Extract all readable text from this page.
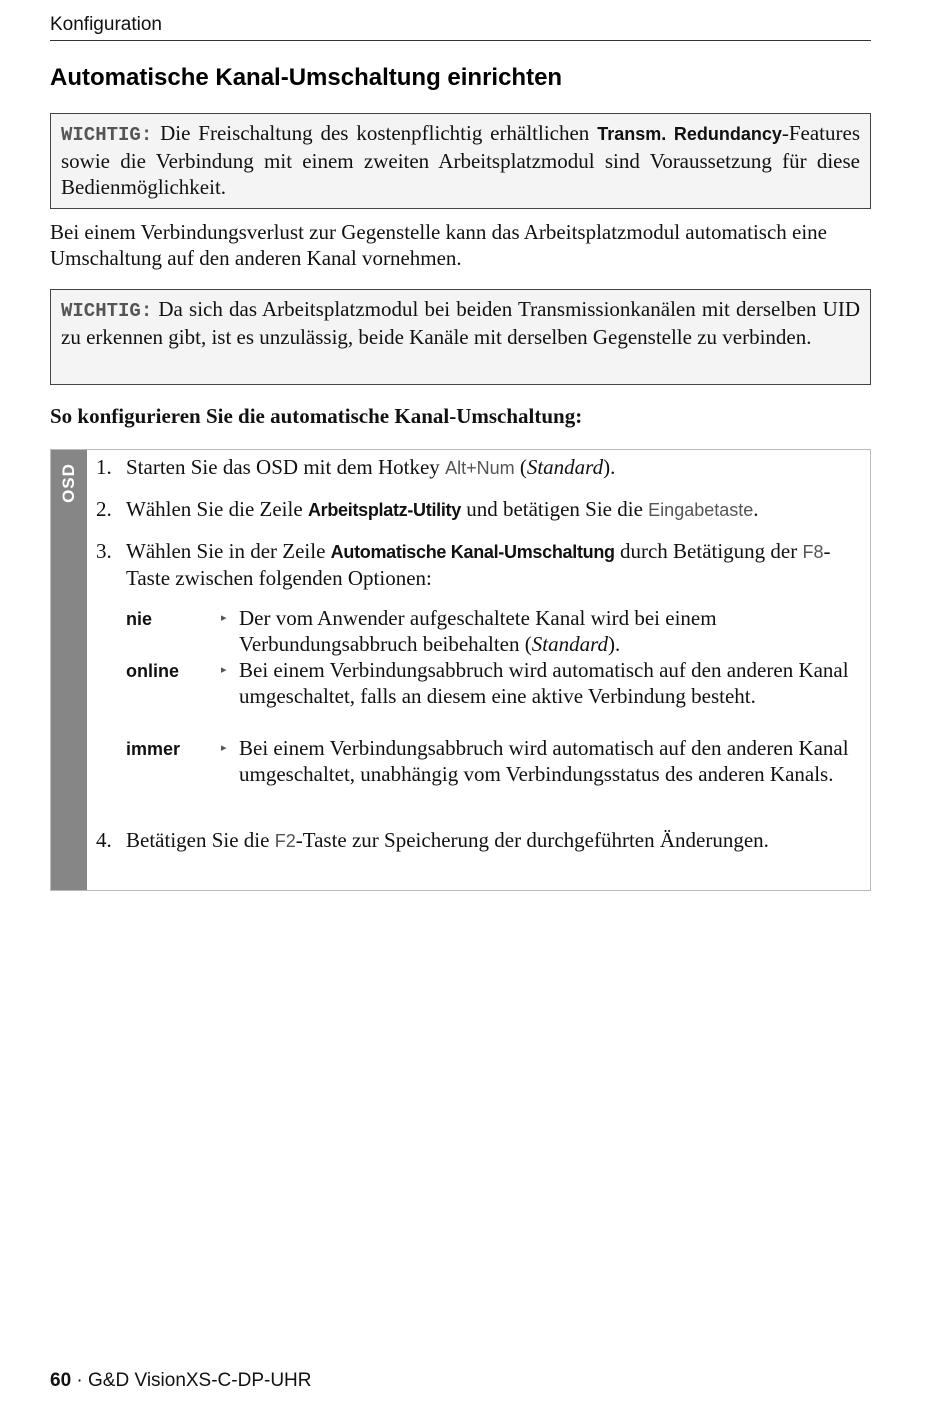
Konfiguration
Automatische Kanal-Umschaltung einrichten
WICHTIG: Die Freischaltung des kostenpflichtig erhältlichen Transm. Redundancy-Features sowie die Verbindung mit einem zweiten Arbeitsplatzmodul sind Voraussetzung für diese Bedienmöglichkeit.

Bei einem Verbindungsverlust zur Gegenstelle kann das Arbeitsplatzmodul automatisch eine Umschaltung auf den anderen Kanal vornehmen.

WICHTIG: Da sich das Arbeitsplatzmodul bei beiden Transmissionkanälen mit derselben UID zu erkennen gibt, ist es unzulässig, beide Kanäle mit derselben Gegenstelle zu verbinden.
So konfigurieren Sie die automatische Kanal-Umschaltung:
OSD 1. Starten Sie das OSD mit dem Hotkey Alt+Num (Standard).
2. Wählen Sie die Zeile Arbeitsplatz-Utility und betätigen Sie die Eingabetaste.
3. Wählen Sie in der Zeile Automatische Kanal-Umschaltung durch Betätigung der F8-Taste zwischen folgenden Optionen:
nie	▸ Der vom Anwender aufgeschaltete Kanal wird bei einem Verbundungsabbruch beibehalten (Standard).
online	▸ Bei einem Verbindungsabbruch wird automatisch auf den anderen Kanal umgeschaltet, falls an diesem eine aktive Verbindung besteht.
immer	▸ Bei einem Verbindungsabbruch wird automatisch auf den anderen Kanal umgeschaltet, unabhängig vom Verbindungsstatus des anderen Kanals.
4. Betätigen Sie die F2-Taste zur Speicherung der durchgeführten Änderungen.
60 · G&D VisionXS-C-DP-UHR
